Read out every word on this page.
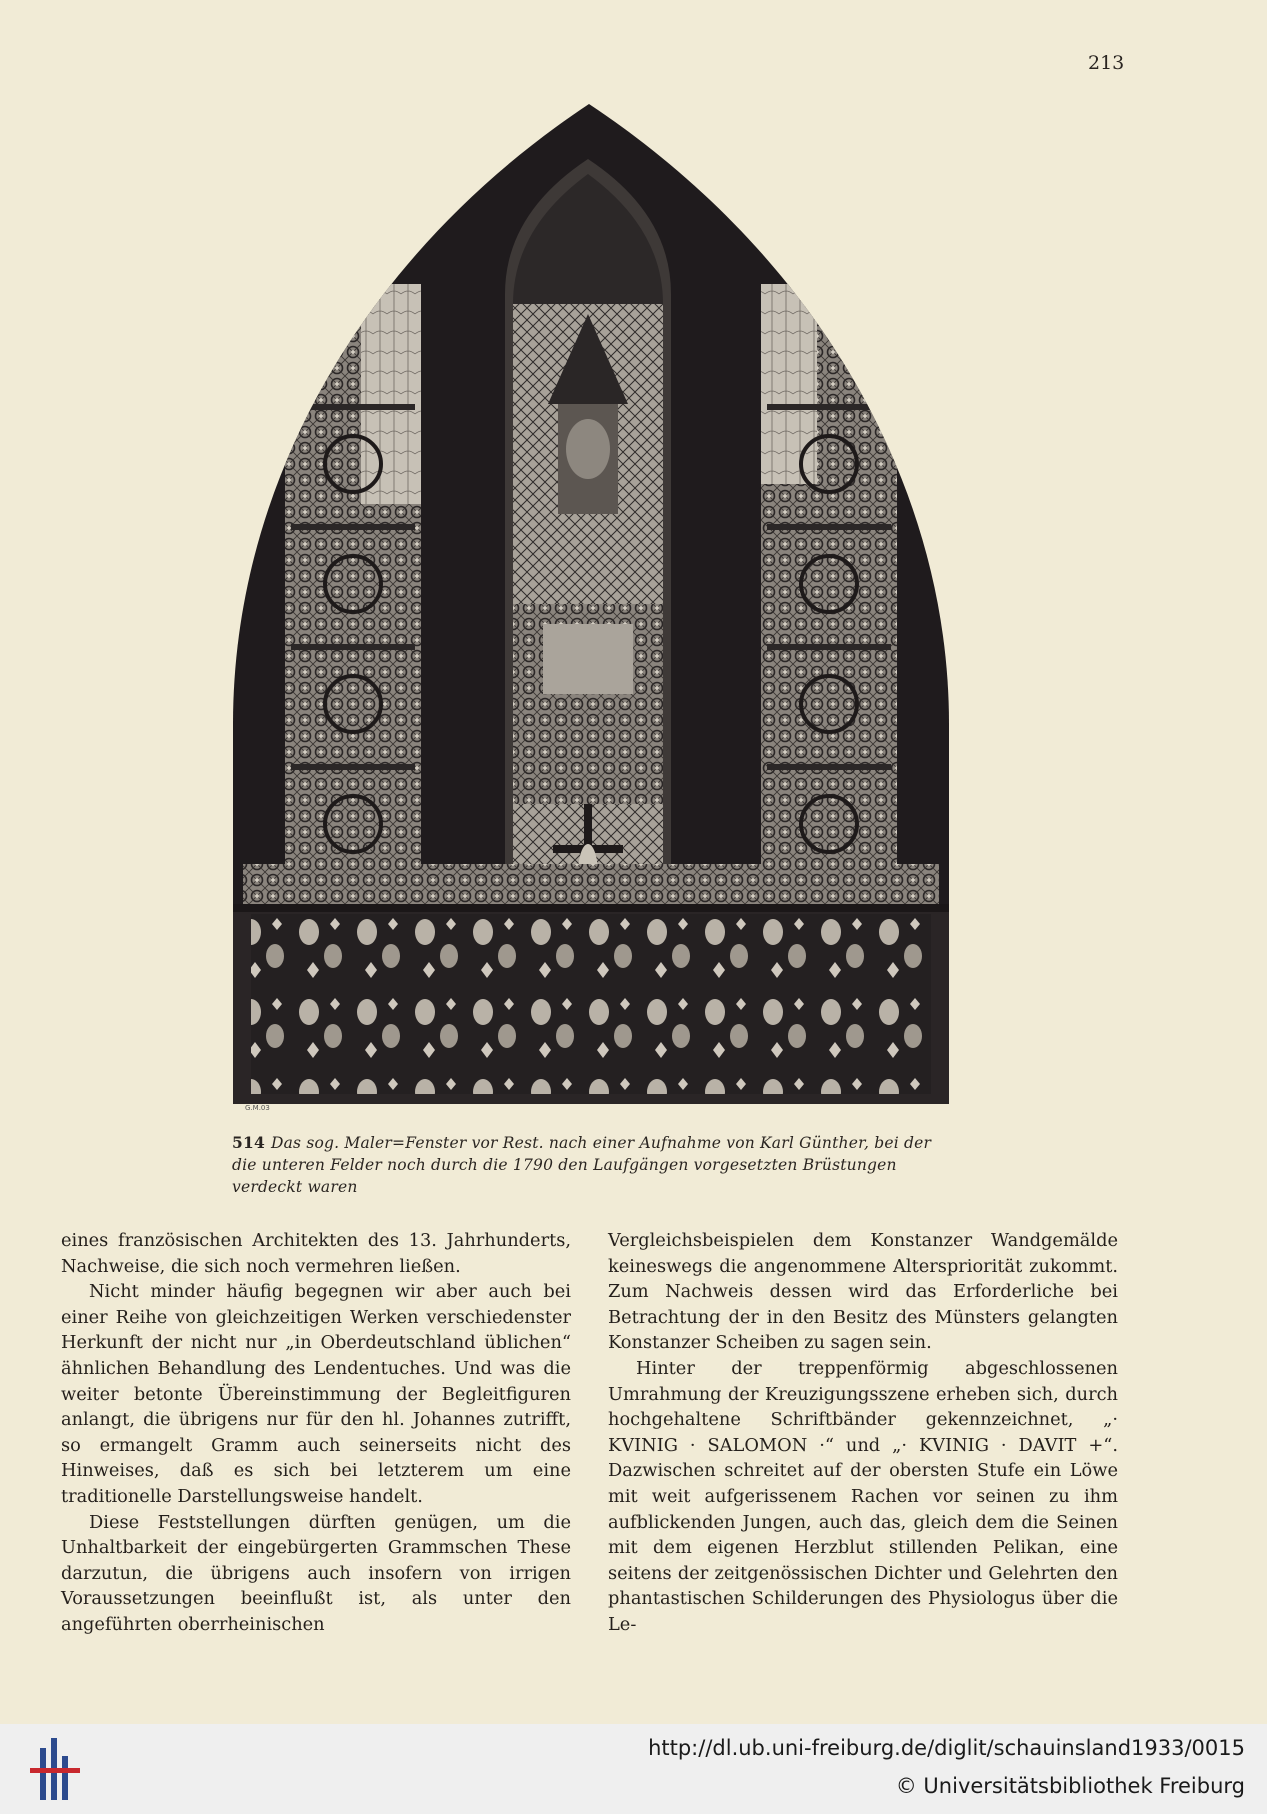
213
G.M.03
514 Das sog. Maler=Fenster vor Rest. nach einer Aufnahme von Karl Günther, bei der die unteren Felder noch durch die 1790 den Laufgängen vorgesetzten Brüstungen verdeckt waren

eines französischen Architekten des 13. Jahrhunderts, Nachweise, die sich noch vermehren ließen.

Nicht minder häufig begegnen wir aber auch bei einer Reihe von gleichzeitigen Werken verschiedenster Herkunft der nicht nur „in Oberdeutschland üblichen“ ähnlichen Behandlung des Lendentuches. Und was die weiter betonte Übereinstimmung der Begleitfiguren anlangt, die übrigens nur für den hl. Johannes zutrifft, so ermangelt Gramm auch seinerseits nicht des Hinweises, daß es sich bei letzterem um eine traditionelle Darstellungsweise handelt.

Diese Feststellungen dürften genügen, um die Unhaltbarkeit der eingebürgerten Grammschen These darzutun, die übrigens auch insofern von irrigen Voraussetzungen beeinflußt ist, als unter den angeführten oberrheinischen

Vergleichsbeispielen dem Konstanzer Wandgemälde keineswegs die angenommene Alterspriorität zukommt. Zum Nachweis dessen wird das Erforderliche bei Betrachtung der in den Besitz des Münsters gelangten Konstanzer Scheiben zu sagen sein.

Hinter der treppenförmig abgeschlossenen Umrahmung der Kreuzigungsszene erheben sich, durch hochgehaltene Schriftbänder gekennzeichnet, „· KVINIG · SALOMON ·“ und „· KVINIG · DAVIT +“. Dazwischen schreitet auf der obersten Stufe ein Löwe mit weit aufgerissenem Rachen vor seinen zu ihm aufblickenden Jungen, auch das, gleich dem die Seinen mit dem eigenen Herzblut stillenden Pelikan, eine seitens der zeitgenössischen Dichter und Gelehrten den phantastischen Schilderungen des Physiologus über die Le-

http://dl.ub.uni-freiburg.de/diglit/schauinsland1933/0015
© Universitätsbibliothek Freiburg
